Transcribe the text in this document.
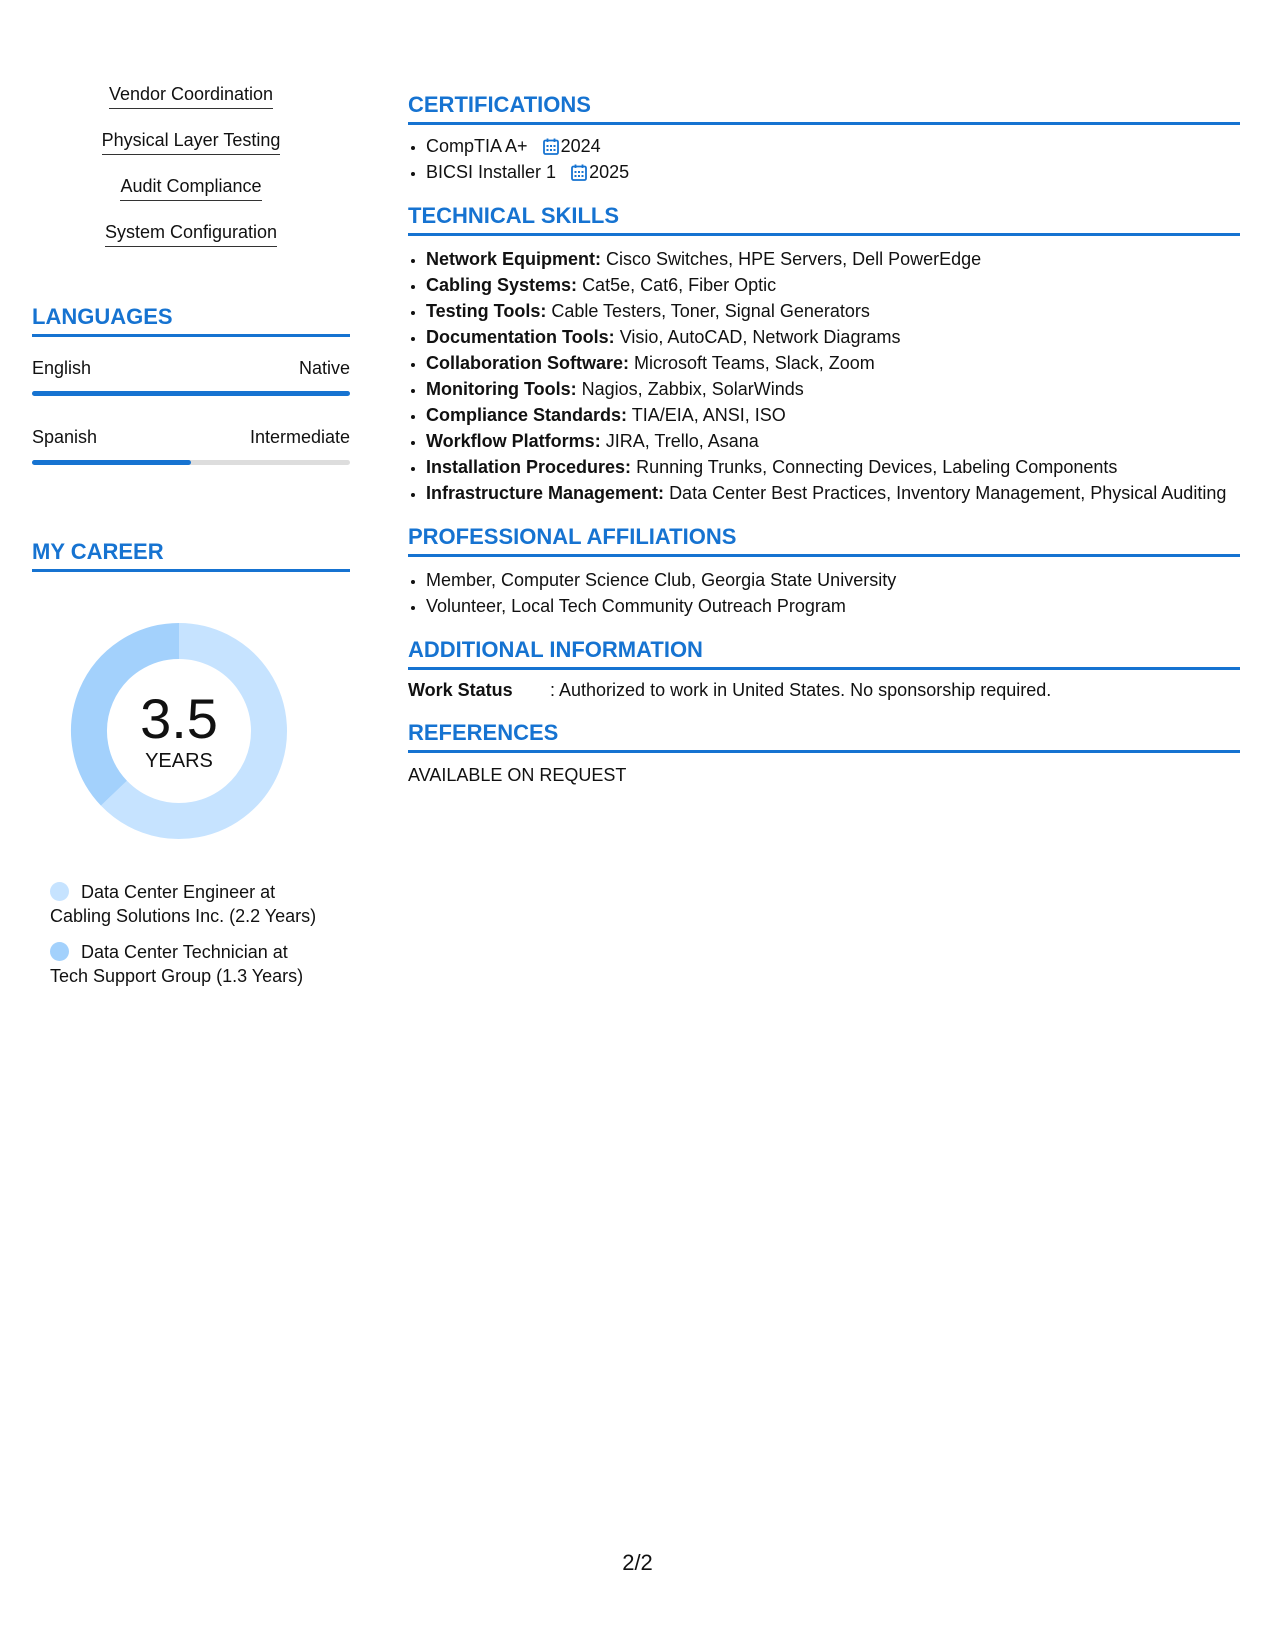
Vendor Coordination
Physical Layer Testing
Audit Compliance
System Configuration
LANGUAGES
English	Native
Spanish	Intermediate
MY CAREER
3.5
YEARS
Data Center Engineer at Cabling Solutions Inc. (2.2 Years)
Data Center Technician at Tech Support Group (1.3 Years)
CERTIFICATIONS
• CompTIA A+ 2024
• BICSI Installer 1 2025
TECHNICAL SKILLS
• Network Equipment: Cisco Switches, HPE Servers, Dell PowerEdge
• Cabling Systems: Cat5e, Cat6, Fiber Optic
• Testing Tools: Cable Testers, Toner, Signal Generators
• Documentation Tools: Visio, AutoCAD, Network Diagrams
• Collaboration Software: Microsoft Teams, Slack, Zoom
• Monitoring Tools: Nagios, Zabbix, SolarWinds
• Compliance Standards: TIA/EIA, ANSI, ISO
• Workflow Platforms: JIRA, Trello, Asana
• Installation Procedures: Running Trunks, Connecting Devices, Labeling Components
• Infrastructure Management: Data Center Best Practices, Inventory Management, Physical Auditing
PROFESSIONAL AFFILIATIONS
• Member, Computer Science Club, Georgia State University
• Volunteer, Local Tech Community Outreach Program
ADDITIONAL INFORMATION
Work Status	: Authorized to work in United States. No sponsorship required.
REFERENCES
AVAILABLE ON REQUEST
2/2
